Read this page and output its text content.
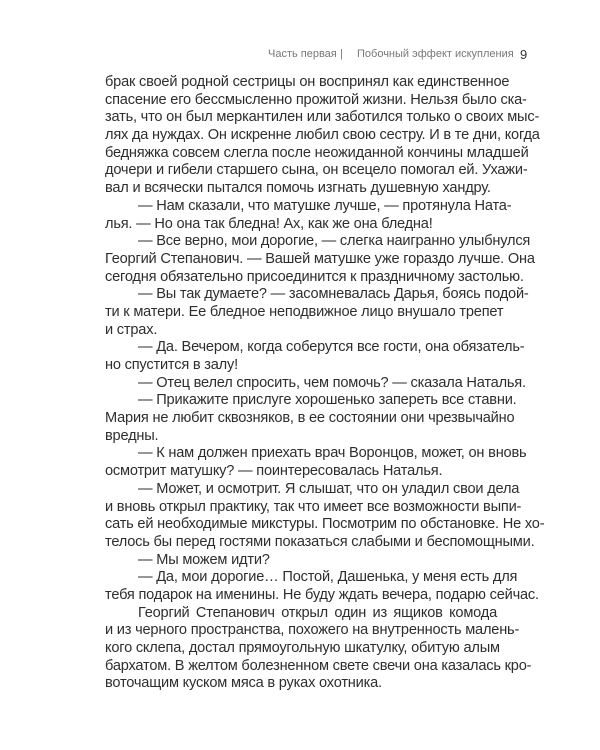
Часть первая | Побочный эффект искупления 9
брак своей родной сестрицы он воспринял как единственное
спасение его бессмысленно прожитой жизни. Нельзя было ска-
зать, что он был меркантилен или заботился только о своих мыс-
лях да нуждах. Он искренне любил свою сестру. И в те дни, когда
бедняжка совсем слегла после неожиданной кончины младшей
дочери и гибели старшего сына, он всецело помогал ей. Ухажи-
вал и всячески пытался помочь изгнать душевную хандру.
— Нам сказали, что матушке лучше, — протянула Ната-
лья. — Но она так бледна! Ах, как же она бледна!
— Все верно, мои дорогие, — слегка наигранно улыбнулся
Георгий Степанович. — Вашей матушке уже гораздо лучше. Она
сегодня обязательно присоединится к праздничному застолью.
— Вы так думаете? — засомневалась Дарья, боясь подой-
ти к матери. Ее бледное неподвижное лицо внушало трепет
и страх.
— Да. Вечером, когда соберутся все гости, она обязатель-
но спустится в залу!
— Отец велел спросить, чем помочь? — сказала Наталья.
— Прикажите прислуге хорошенько запереть все ставни.
Мария не любит сквозняков, в ее состоянии они чрезвычайно
вредны.
— К нам должен приехать врач Воронцов, может, он вновь
осмотрит матушку? — поинтересовалась Наталья.
— Может, и осмотрит. Я слышат, что он уладил свои дела
и вновь открыл практику, так что имеет все возможности выпи-
сать ей необходимые микстуры. Посмотрим по обстановке. Не хо-
телось бы перед гостями показаться слабыми и беспомощными.
— Мы можем идти?
— Да, мои дорогие… Постой, Дашенька, у меня есть для
тебя подарок на именины. Не буду ждать вечера, подарю сейчас.
Георгий Степанович открыл один из ящиков комода
и из черного пространства, похожего на внутренность малень-
кого склепа, достал прямоугольную шкатулку, обитую алым
бархатом. В желтом болезненном свете свечи она казалась кро-
воточащим куском мяса в руках охотника.
